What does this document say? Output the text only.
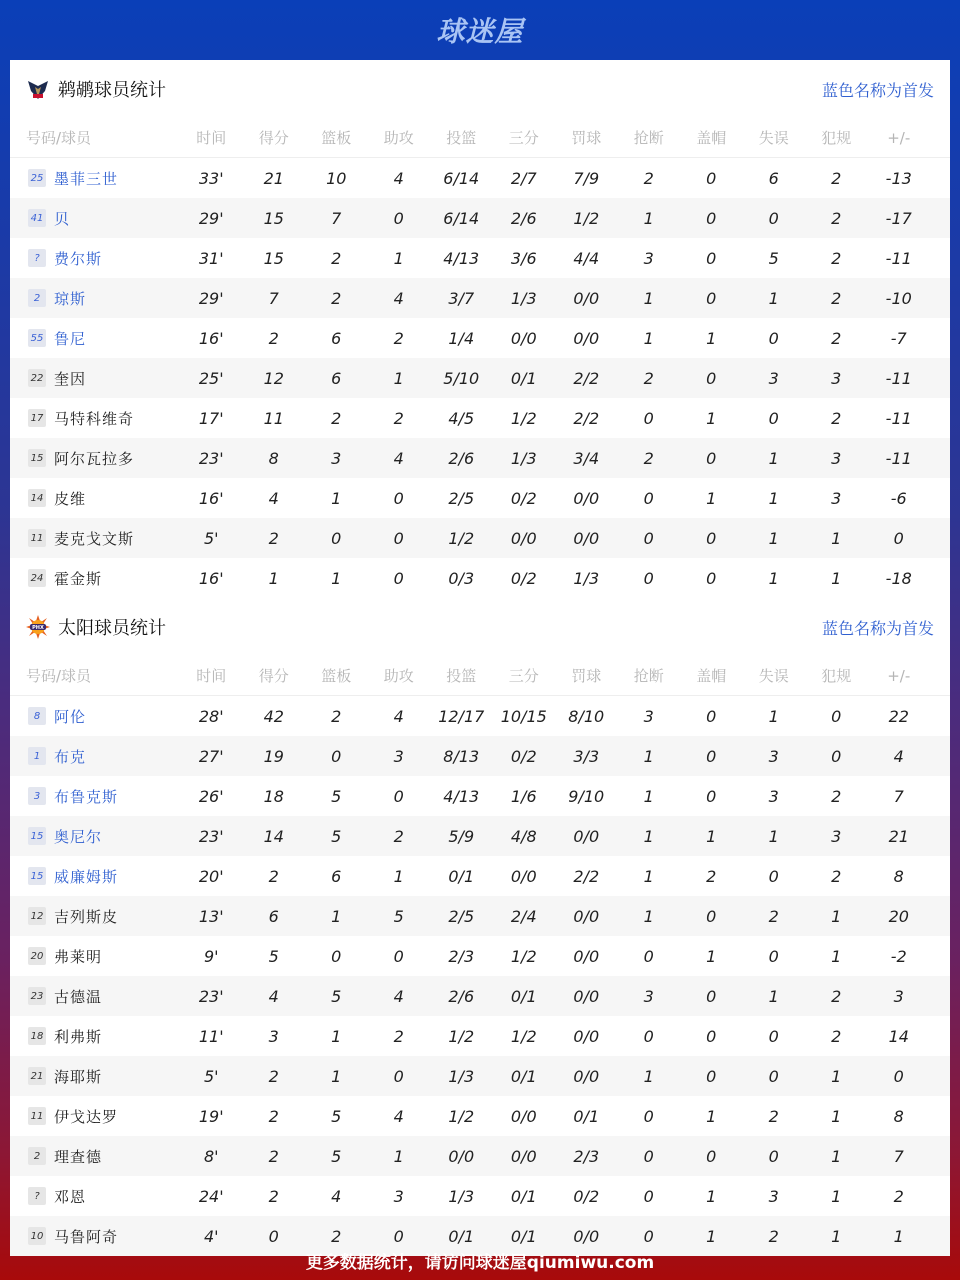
球迷屋
鹈鹕球员统计	蓝色名称为首发
号码/球员	时间	得分	篮板	助攻	投篮	三分	罚球	抢断	盖帽	失误	犯规	+/-
25 墨菲三世	33'	21	10	4	6/14	2/7	7/9	2	0	6	2	-13
41 贝	29'	15	7	0	6/14	2/6	1/2	1	0	0	2	-17
? 费尔斯	31'	15	2	1	4/13	3/6	4/4	3	0	5	2	-11
2 琼斯	29'	7	2	4	3/7	1/3	0/0	1	0	1	2	-10
55 鲁尼	16'	2	6	2	1/4	0/0	0/0	1	1	0	2	-7
22 奎因	25'	12	6	1	5/10	0/1	2/2	2	0	3	3	-11
17 马特科维奇	17'	11	2	2	4/5	1/2	2/2	0	1	0	2	-11
15 阿尔瓦拉多	23'	8	3	4	2/6	1/3	3/4	2	0	1	3	-11
14 皮维	16'	4	1	0	2/5	0/2	0/0	0	1	1	3	-6
11 麦克戈文斯	5'	2	0	0	1/2	0/0	0/0	0	0	1	1	0
24 霍金斯	16'	1	1	0	0/3	0/2	1/3	0	0	1	1	-18
PHX 太阳球员统计	蓝色名称为首发
号码/球员	时间	得分	篮板	助攻	投篮	三分	罚球	抢断	盖帽	失误	犯规	+/-
8 阿伦	28'	42	2	4	12/17	10/15	8/10	3	0	1	0	22
1 布克	27'	19	0	3	8/13	0/2	3/3	1	0	3	0	4
3 布鲁克斯	26'	18	5	0	4/13	1/6	9/10	1	0	3	2	7
15 奥尼尔	23'	14	5	2	5/9	4/8	0/0	1	1	1	3	21
15 威廉姆斯	20'	2	6	1	0/1	0/0	2/2	1	2	0	2	8
12 吉列斯皮	13'	6	1	5	2/5	2/4	0/0	1	0	2	1	20
20 弗莱明	9'	5	0	0	2/3	1/2	0/0	0	1	0	1	-2
23 古德温	23'	4	5	4	2/6	0/1	0/0	3	0	1	2	3
18 利弗斯	11'	3	1	2	1/2	1/2	0/0	0	0	0	2	14
21 海耶斯	5'	2	1	0	1/3	0/1	0/0	1	0	0	1	0
11 伊戈达罗	19'	2	5	4	1/2	0/0	0/1	0	1	2	1	8
2 理查德	8'	2	5	1	0/0	0/0	2/3	0	0	0	1	7
? 邓恩	24'	2	4	3	1/3	0/1	0/2	0	1	3	1	2
10 马鲁阿奇	4'	0	2	0	0/1	0/1	0/0	0	1	2	1	1
更多数据统计，请访问球迷屋qiumiwu.com
